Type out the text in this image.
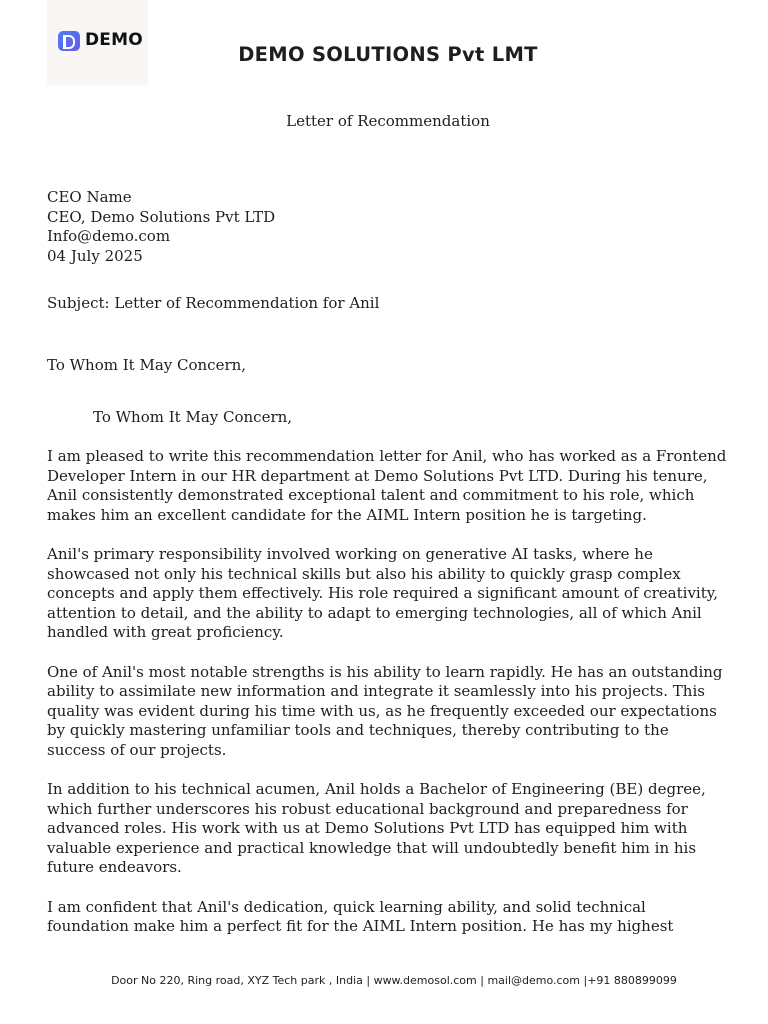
DEMO
DEMO SOLUTIONS Pvt LMT
Letter of Recommendation
CEO Name
CEO, Demo Solutions Pvt LTD
Info@demo.com
04 July 2025
Subject: Letter of Recommendation for Anil
To Whom It May Concern,
To Whom It May Concern,

I am pleased to write this recommendation letter for Anil, who has worked as a Frontend Developer Intern in our HR department at Demo Solutions Pvt LTD. During his tenure, Anil consistently demonstrated exceptional talent and commitment to his role, which makes him an excellent candidate for the AIML Intern position he is targeting.

Anil's primary responsibility involved working on generative AI tasks, where he showcased not only his technical skills but also his ability to quickly grasp complex concepts and apply them effectively. His role required a significant amount of creativity, attention to detail, and the ability to adapt to emerging technologies, all of which Anil handled with great proficiency.

One of Anil's most notable strengths is his ability to learn rapidly. He has an outstanding ability to assimilate new information and integrate it seamlessly into his projects. This quality was evident during his time with us, as he frequently exceeded our expectations by quickly mastering unfamiliar tools and techniques, thereby contributing to the success of our projects.

In addition to his technical acumen, Anil holds a Bachelor of Engineering (BE) degree, which further underscores his robust educational background and preparedness for advanced roles. His work with us at Demo Solutions Pvt LTD has equipped him with valuable experience and practical knowledge that will undoubtedly benefit him in his future endeavors.

I am confident that Anil's dedication, quick learning ability, and solid technical foundation make him a perfect fit for the AIML Intern position. He has my highest

Door No 220, Ring road, XYZ Tech park , India | www.demosol.com | mail@demo.com |+91 880899099
